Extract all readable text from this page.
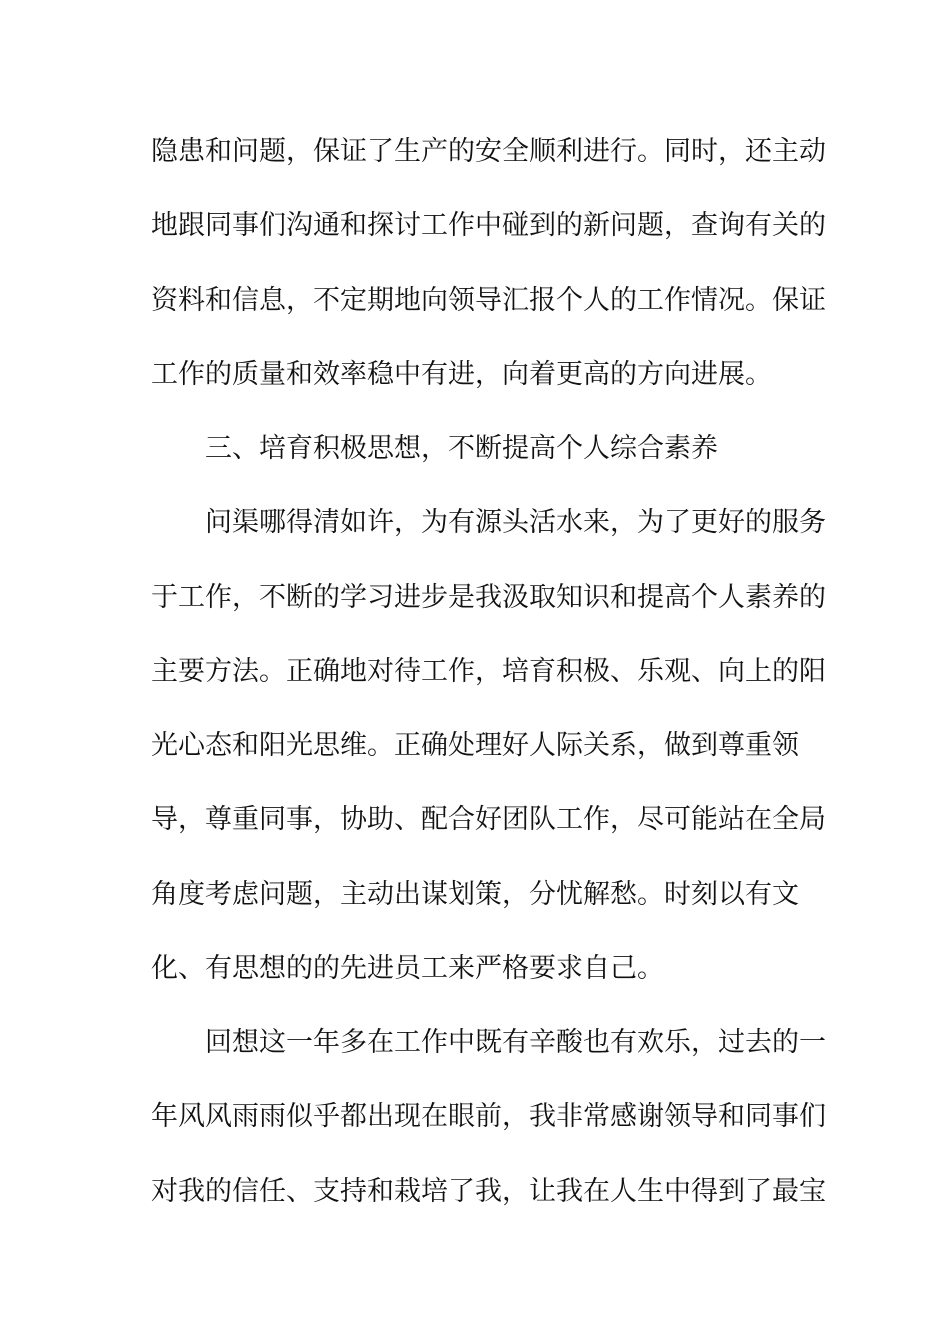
隐患和问题，保证了生产的安全顺利进行。同时，还主动
地跟同事们沟通和探讨工作中碰到的新问题，查询有关的
资料和信息，不定期地向领导汇报个人的工作情况。保证
工作的质量和效率稳中有进，向着更高的方向进展。
三、培育积极思想，不断提高个人综合素养
问渠哪得清如许，为有源头活水来，为了更好的服务
于工作，不断的学习进步是我汲取知识和提高个人素养的
主要方法。正确地对待工作，培育积极、乐观、向上的阳
光心态和阳光思维。正确处理好人际关系，做到尊重领
导，尊重同事，协助、配合好团队工作，尽可能站在全局
角度考虑问题，主动出谋划策，分忧解愁。时刻以有文
化、有思想的的先进员工来严格要求自己。
回想这一年多在工作中既有辛酸也有欢乐，过去的一
年风风雨雨似乎都出现在眼前，我非常感谢领导和同事们
对我的信任、支持和栽培了我，让我在人生中得到了最宝
